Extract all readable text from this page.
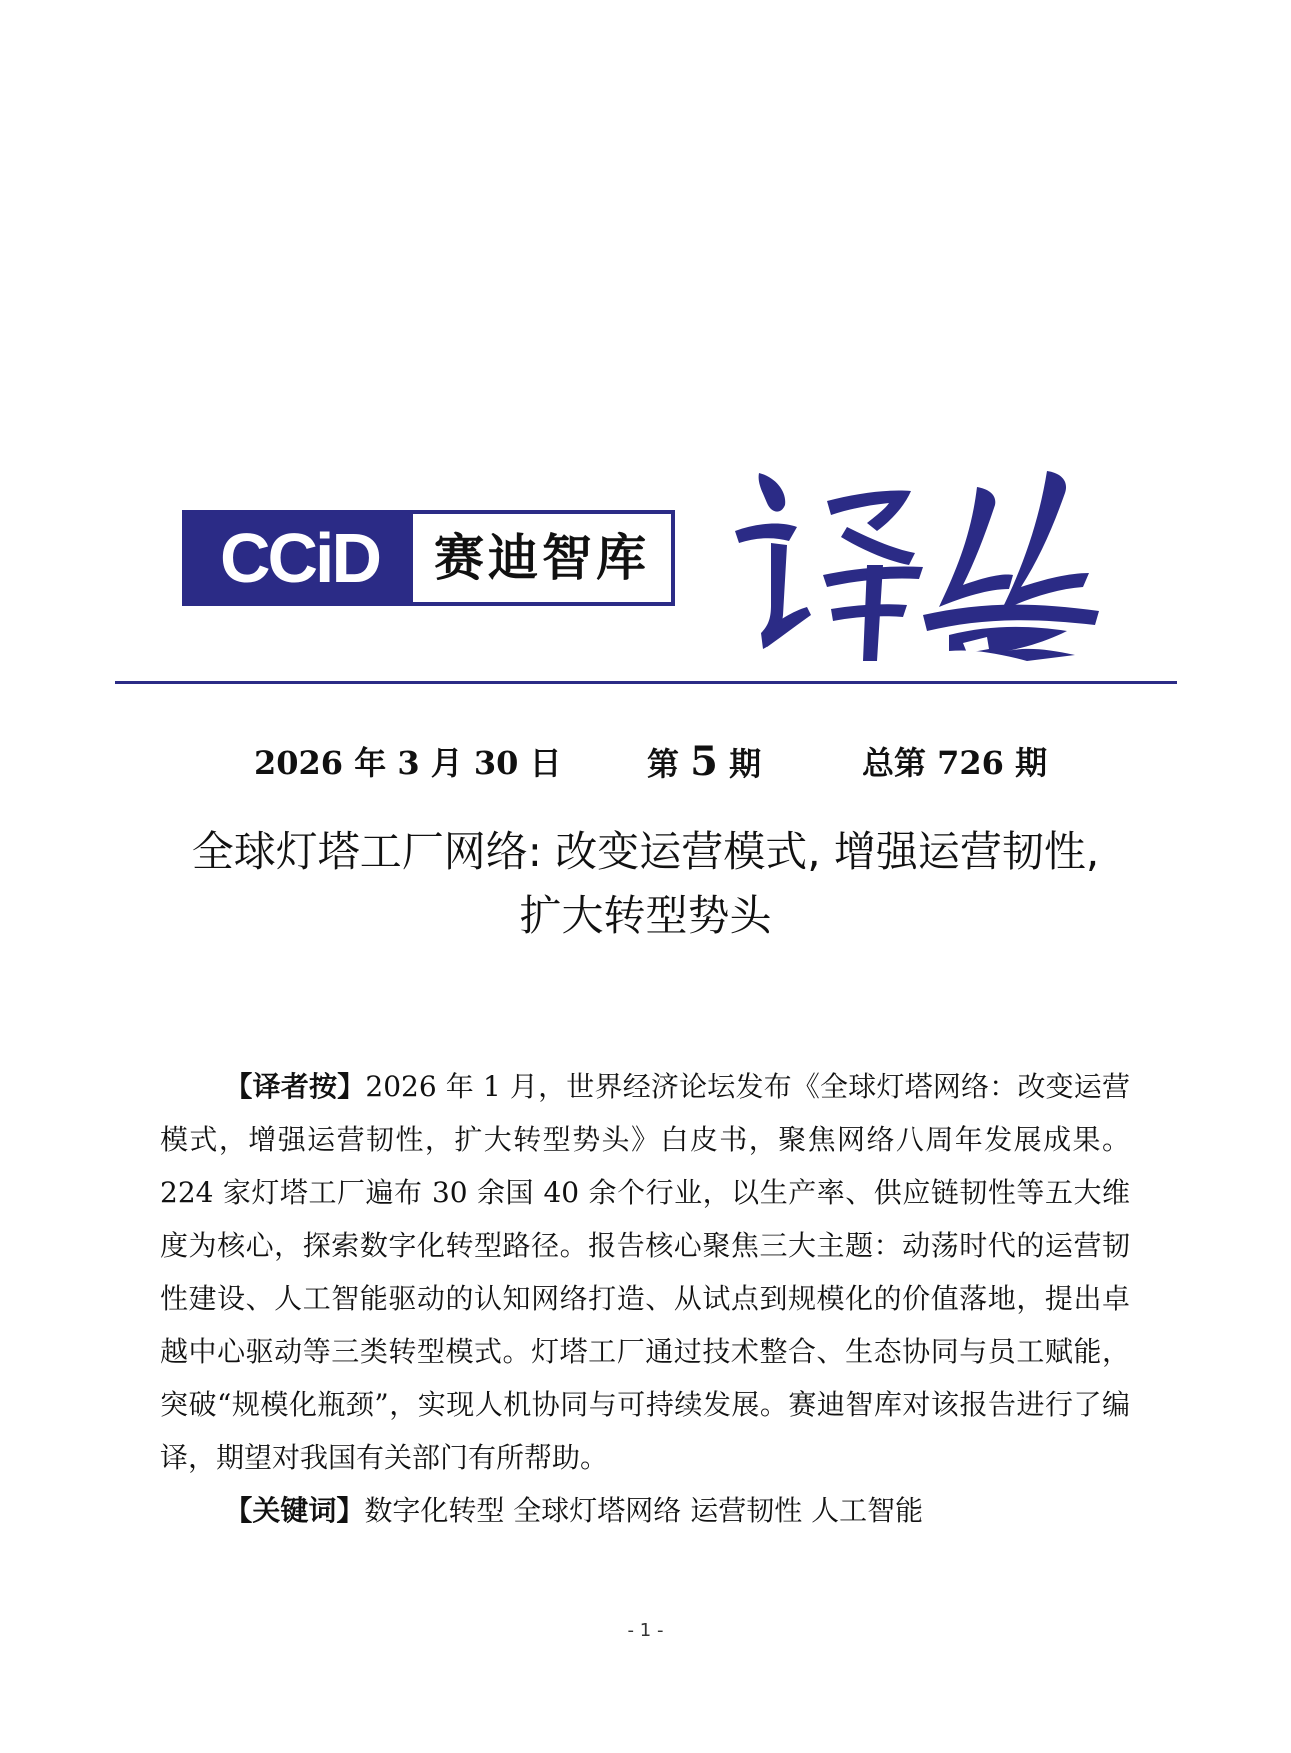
CCiD	赛迪智库
2026 年 3 月 30 日	第 5 期	总第 726 期
全球灯塔工厂网络: 改变运营模式, 增强运营韧性,
扩大转型势头

【译者按】2026 年 1 月，世界经济论坛发布《全球灯塔网络：改变运营模式，增强运营韧性，扩大转型势头》白皮书，聚焦网络八周年发展成果。224 家灯塔工厂遍布 30 余国 40 余个行业，以生产率、供应链韧性等五大维度为核心，探索数字化转型路径。报告核心聚焦三大主题：动荡时代的运营韧性建设、人工智能驱动的认知网络打造、从试点到规模化的价值落地，提出卓越中心驱动等三类转型模式。灯塔工厂通过技术整合、生态协同与员工赋能，突破“规模化瓶颈”，实现人机协同与可持续发展。赛迪智库对该报告进行了编译，期望对我国有关部门有所帮助。

【关键词】数字化转型 全球灯塔网络 运营韧性 人工智能

- 1 -
